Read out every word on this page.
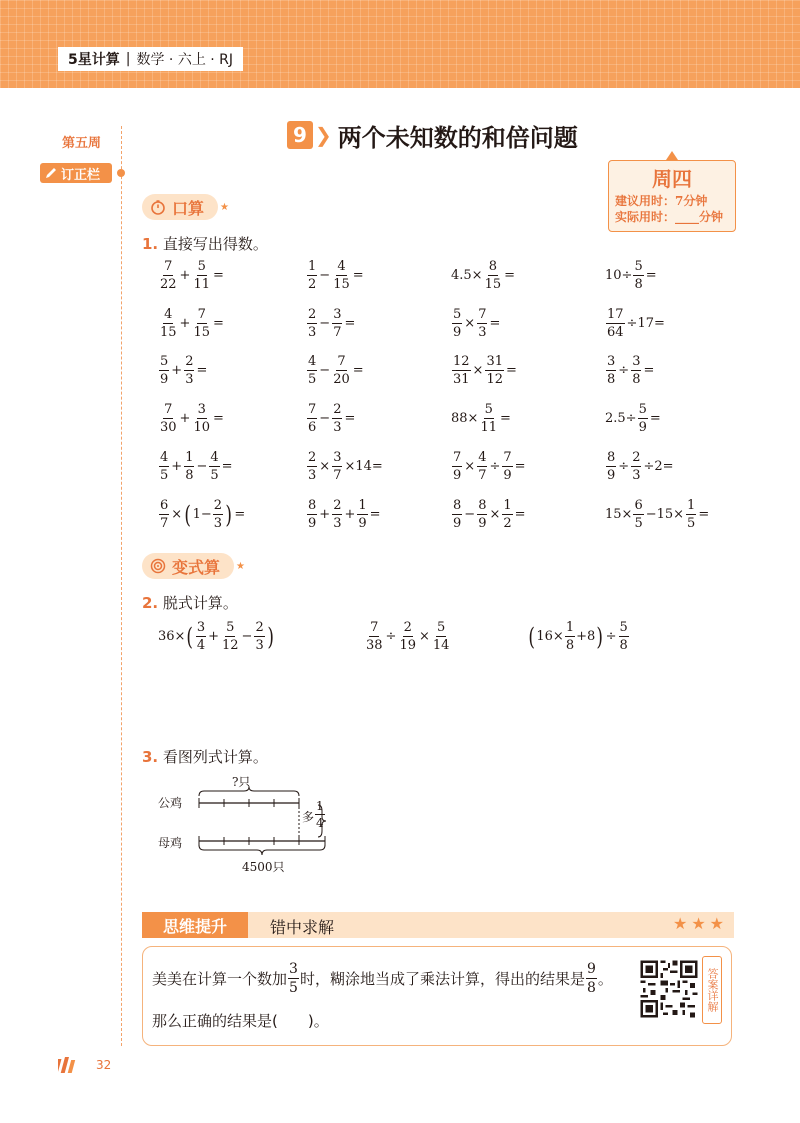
5星计算 | 数学 · 六上 · RJ
第五周
订正栏
9 ❯ 两个未知数的和倍问题
周四
建议用时：7分钟
实际用时：____分钟
口算 ★
1. 直接写出得数。
$\frac{7}{22} + \frac{5}{11}$ =	$\frac{1}{2} - \frac{4}{15}$ =	$4.5\times \frac{8}{15}$ =	$10\div \frac{5}{8}$ =
$\frac{4}{15} + \frac{7}{15}$ =	$\frac{2}{3} - \frac{3}{7}$ =	$\frac{5}{9} \times \frac{7}{3}$ =	$\frac{17}{64} \div 17=$
$\frac{5}{9} + \frac{2}{3}$ =	$\frac{4}{5} - \frac{7}{20}$ =	$\frac{12}{31} \times \frac{31}{12}$ =	$\frac{3}{8} \div \frac{3}{8}$ =
$\frac{7}{30} + \frac{3}{10}$ =	$\frac{7}{6} - \frac{2}{3}$ =	$88\times \frac{5}{11}$ =	$2.5\div \frac{5}{9}$ =
$\frac{4}{5} + \frac{1}{8} - \frac{4}{5}$ =	$\frac{2}{3} \times \frac{3}{7} \times 14=$	$\frac{7}{9} \times \frac{4}{7} \div \frac{7}{9}$ =	$\frac{8}{9} \div \frac{2}{3} \div 2=$
$\frac{6}{7}$ × ( $1- \frac{2}{3}$ ) =	$\frac{8}{9} + \frac{2}{3} + \frac{1}{9}$ =	$\frac{8}{9} - \frac{8}{9} \times \frac{1}{2}$ =	$15\times \frac{6}{5} -15\times \frac{1}{5}$ =
变式算 ★
2. 脱式计算。
36× ( $\frac{3}{4} + \frac{5}{12} - \frac{2}{3}$ )	$\frac{7}{38} \div \frac{2}{19} \times \frac{5}{14}$	( $16\times \frac{1}{8} +8$ ) ÷ $\frac{5}{8}$
3. 看图列式计算。
?只
公鸡
多 $\frac{1}{4}$
母鸡
4500只
思维提升	错中求解	★★★
美美在计算一个数加 $\frac{3}{5}$ 时，糊涂地当成了乘法计算，得出的结果是 $\frac{9}{8}$ 。
那么正确的结果是(　　)。
答案详解
32
